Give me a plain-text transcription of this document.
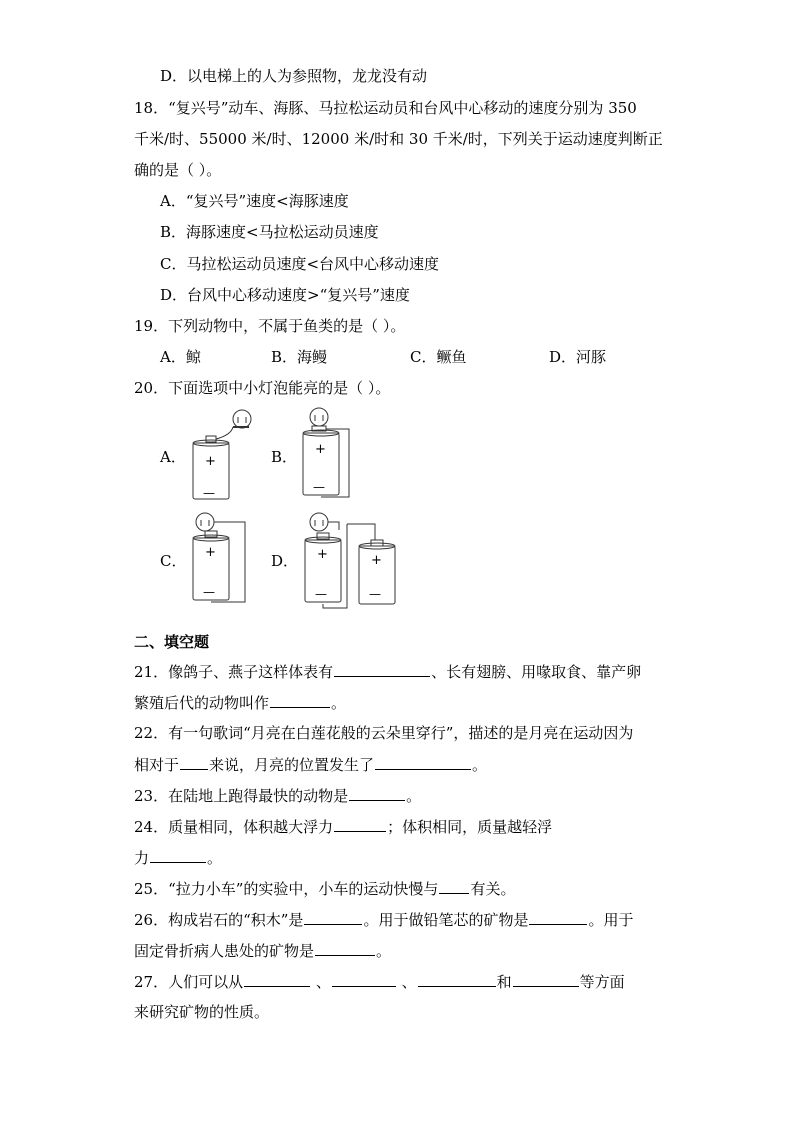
D．以电梯上的人为参照物，龙龙没有动
18．“复兴号”动车、海豚、马拉松运动员和台风中心移动的速度分别为 350
千米/时、55000 米/时、12000 米/时和 30 千米/时，下列关于运动速度判断正
确的是（ ）。
A．“复兴号”速度<海豚速度
B．海豚速度<马拉松运动员速度
C．马拉松运动员速度<台风中心移动速度
D．台风中心移动速度>“复兴号”速度
19．下列动物中，不属于鱼类的是（ ）。
A．鲸	B．海鳗	C．鳜鱼	D．河豚
20．下面选项中小灯泡能亮的是（ ）。
A．	B．
C．	D．
+
—
+
—
+
—
+
—
+
—
二、填空题
21．像鸽子、燕子这样体表有	、长有翅膀、用喙取食、靠产卵
繁殖后代的动物叫作	。
22．有一句歌词“月亮在白莲花般的云朵里穿行”，描述的是月亮在运动因为
相对于 来说，月亮的位置发生了	。
23．在陆地上跑得最快的动物是	。
24．质量相同，体积越大浮力	；体积相同，质量越轻浮
力	。
25．“拉力小车”的实验中，小车的运动快慢与 有关。
26．构成岩石的“积木”是	。用于做铅笔芯的矿物是	。用于
固定骨折病人患处的矿物是	。
27．人们可以从	、	、	和	等方面
来研究矿物的性质。
